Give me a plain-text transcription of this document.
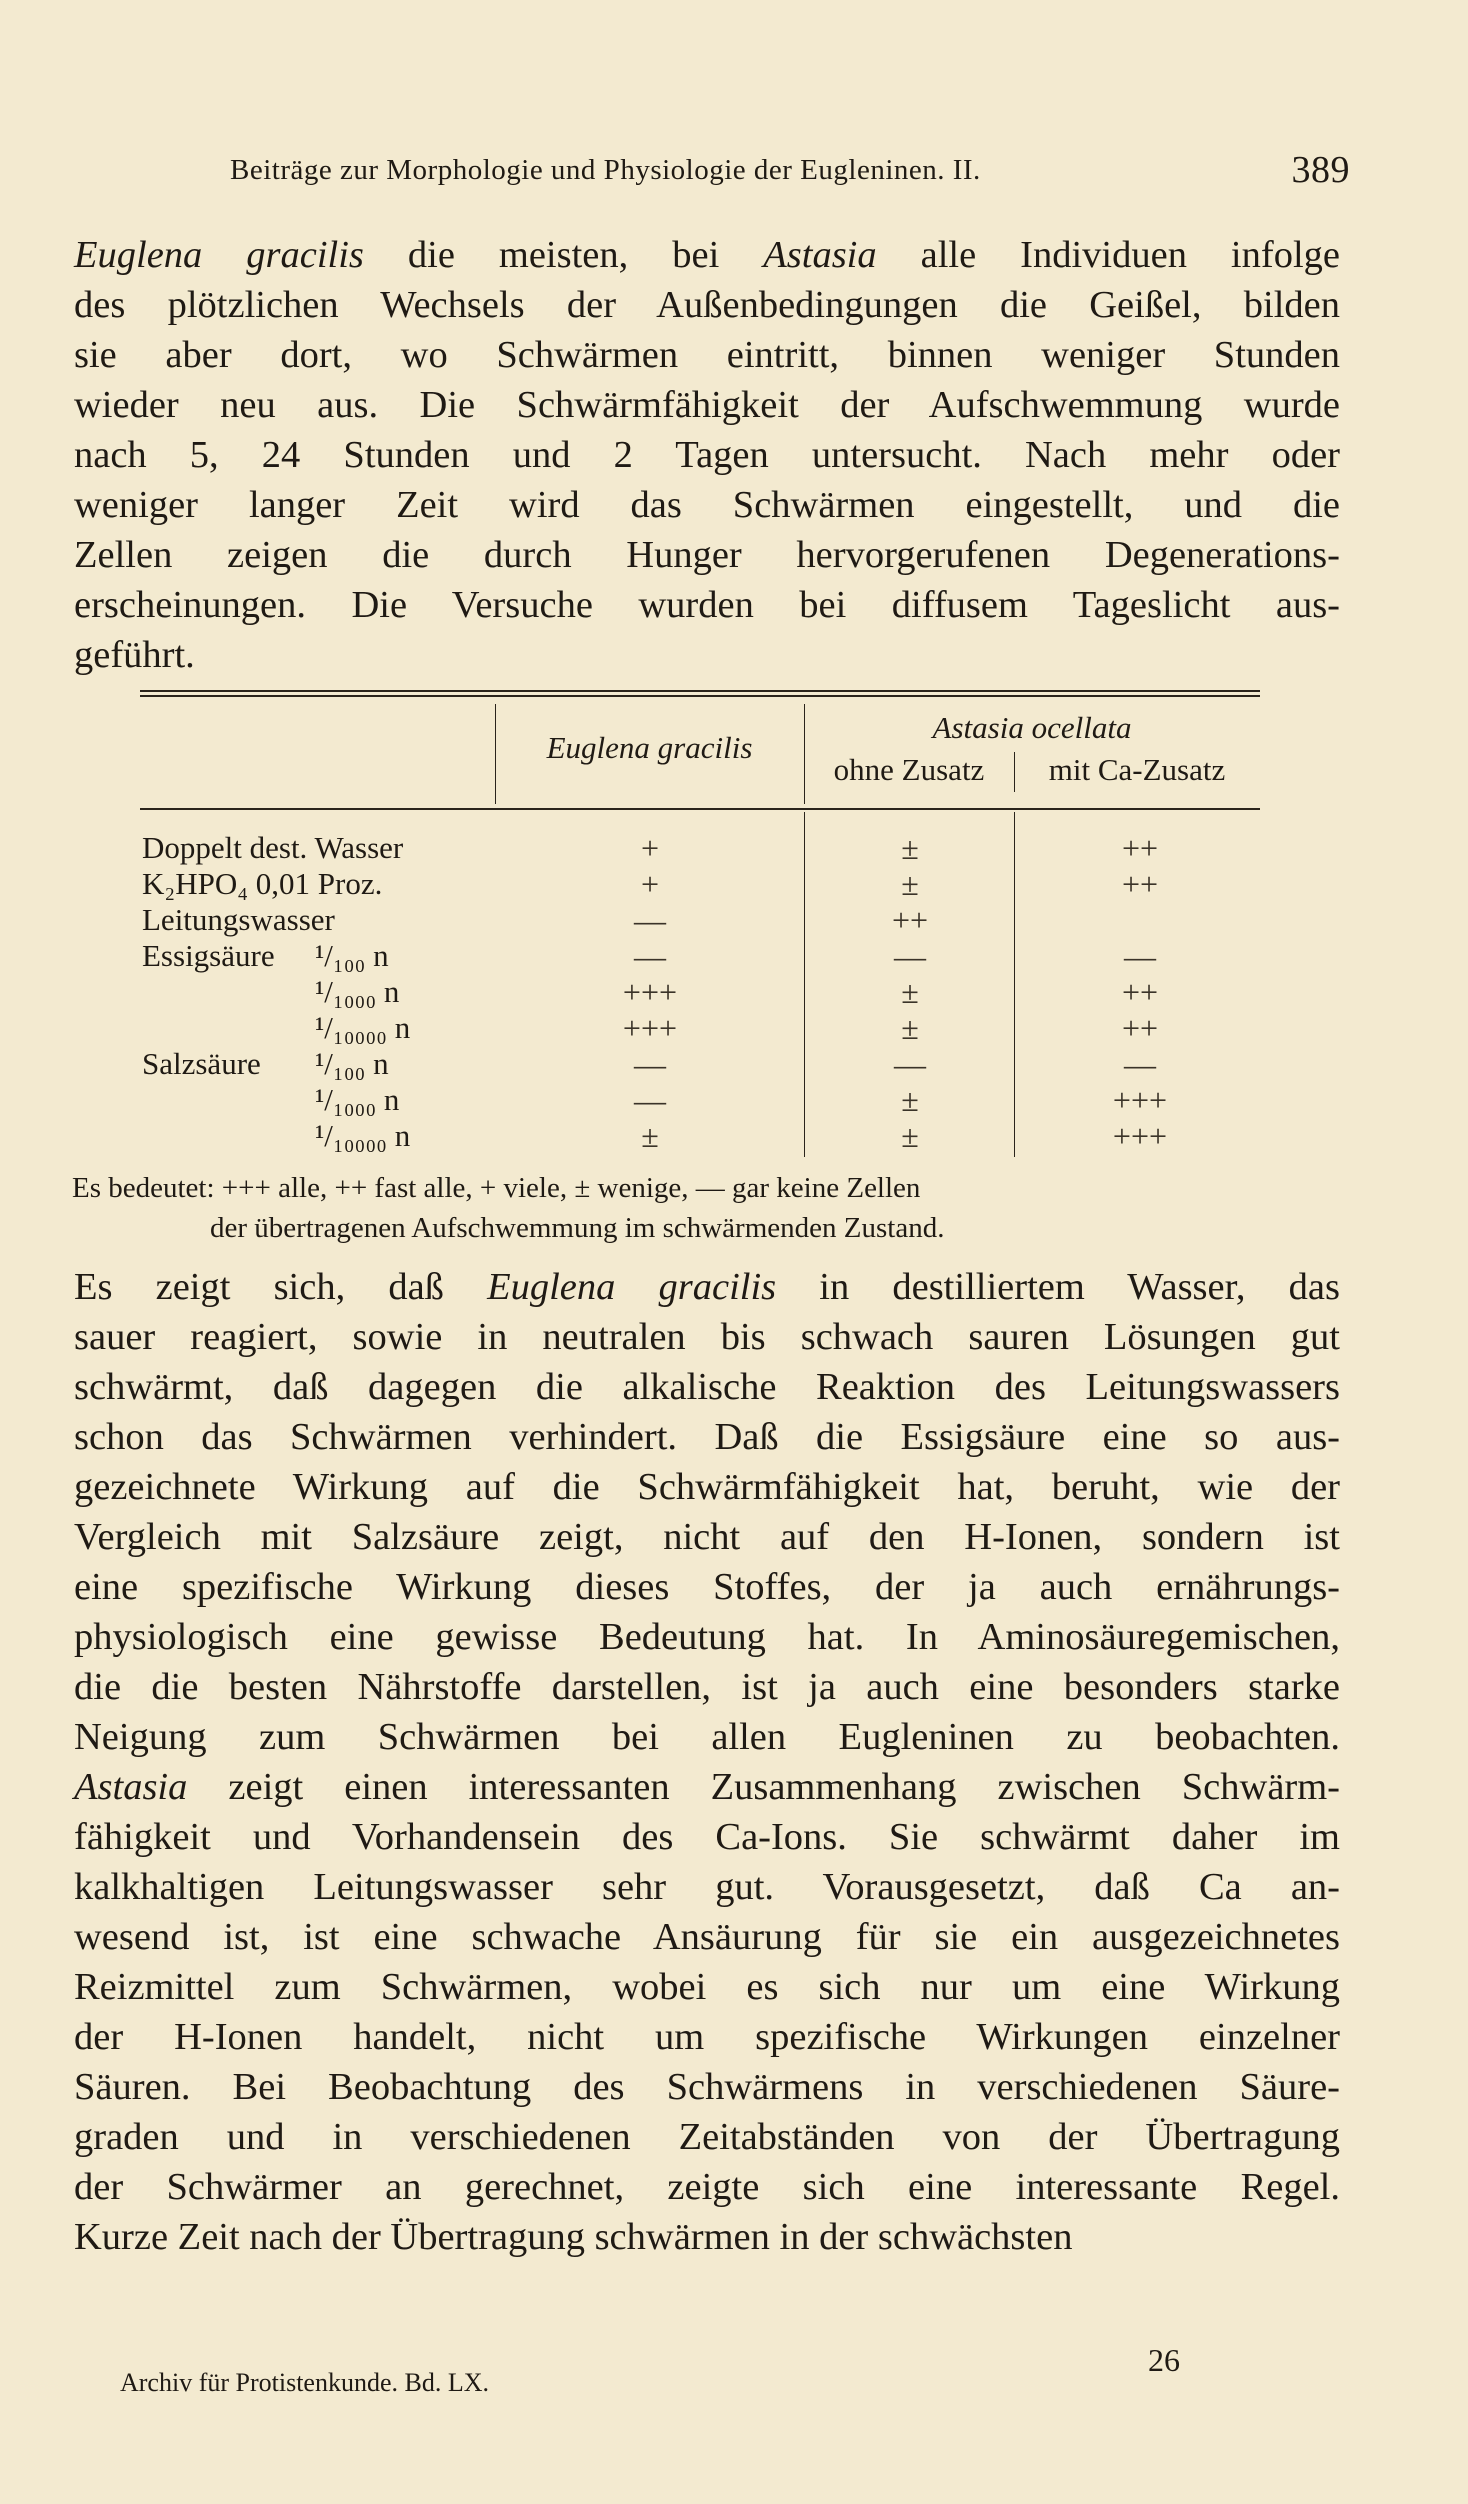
Beiträge zur Morphologie und Physiologie der Eugleninen. II.	389
Euglena gracilis die meisten, bei Astasia alle Individuen infolge
des plötzlichen Wechsels der Außenbedingungen die Geißel, bilden
sie aber dort, wo Schwärmen eintritt, binnen weniger Stunden
wieder neu aus. Die Schwärmfähigkeit der Aufschwemmung wurde
nach 5, 24 Stunden und 2 Tagen untersucht. Nach mehr oder
weniger langer Zeit wird das Schwärmen eingestellt, und die
Zellen zeigen die durch Hunger hervorgerufenen Degenerations-
erscheinungen. Die Versuche wurden bei diffusem Tageslicht aus-
geführt.
Euglena gracilis
Astasia ocellata
ohne Zusatz	mit Ca-Zusatz
Doppelt dest. Wasser	+	±	++
K₂HPO₄ 0,01 Proz.	+	±	++
Leitungswasser	—	++
Essigsäure ¹/₁₀₀ n	—	—	—
¹/₁₀₀₀ n	+++	±	++
¹/₁₀₀₀₀ n	+++	±	++
Salzsäure ¹/₁₀₀ n	—	—	—
¹/₁₀₀₀ n	—	±	+++
¹/₁₀₀₀₀ n	±	±	+++
Es bedeutet: +++ alle, ++ fast alle, + viele, ± wenige, — gar keine Zellen
der übertragenen Aufschwemmung im schwärmenden Zustand.
Es zeigt sich, daß Euglena gracilis in destilliertem Wasser, das
sauer reagiert, sowie in neutralen bis schwach sauren Lösungen gut
schwärmt, daß dagegen die alkalische Reaktion des Leitungswassers
schon das Schwärmen verhindert. Daß die Essigsäure eine so aus-
gezeichnete Wirkung auf die Schwärmfähigkeit hat, beruht, wie der
Vergleich mit Salzsäure zeigt, nicht auf den H-Ionen, sondern ist
eine spezifische Wirkung dieses Stoffes, der ja auch ernährungs-
physiologisch eine gewisse Bedeutung hat. In Aminosäuregemischen,
die die besten Nährstoffe darstellen, ist ja auch eine besonders starke
Neigung zum Schwärmen bei allen Eugleninen zu beobachten.
Astasia zeigt einen interessanten Zusammenhang zwischen Schwärm-
fähigkeit und Vorhandensein des Ca-Ions. Sie schwärmt daher im
kalkhaltigen Leitungswasser sehr gut. Vorausgesetzt, daß Ca an-
wesend ist, ist eine schwache Ansäurung für sie ein ausgezeichnetes
Reizmittel zum Schwärmen, wobei es sich nur um eine Wirkung
der H-Ionen handelt, nicht um spezifische Wirkungen einzelner
Säuren. Bei Beobachtung des Schwärmens in verschiedenen Säure-
graden und in verschiedenen Zeitabständen von der Übertragung
der Schwärmer an gerechnet, zeigte sich eine interessante Regel.
Kurze Zeit nach der Übertragung schwärmen in der schwächsten
Archiv für Protistenkunde. Bd. LX.
26
